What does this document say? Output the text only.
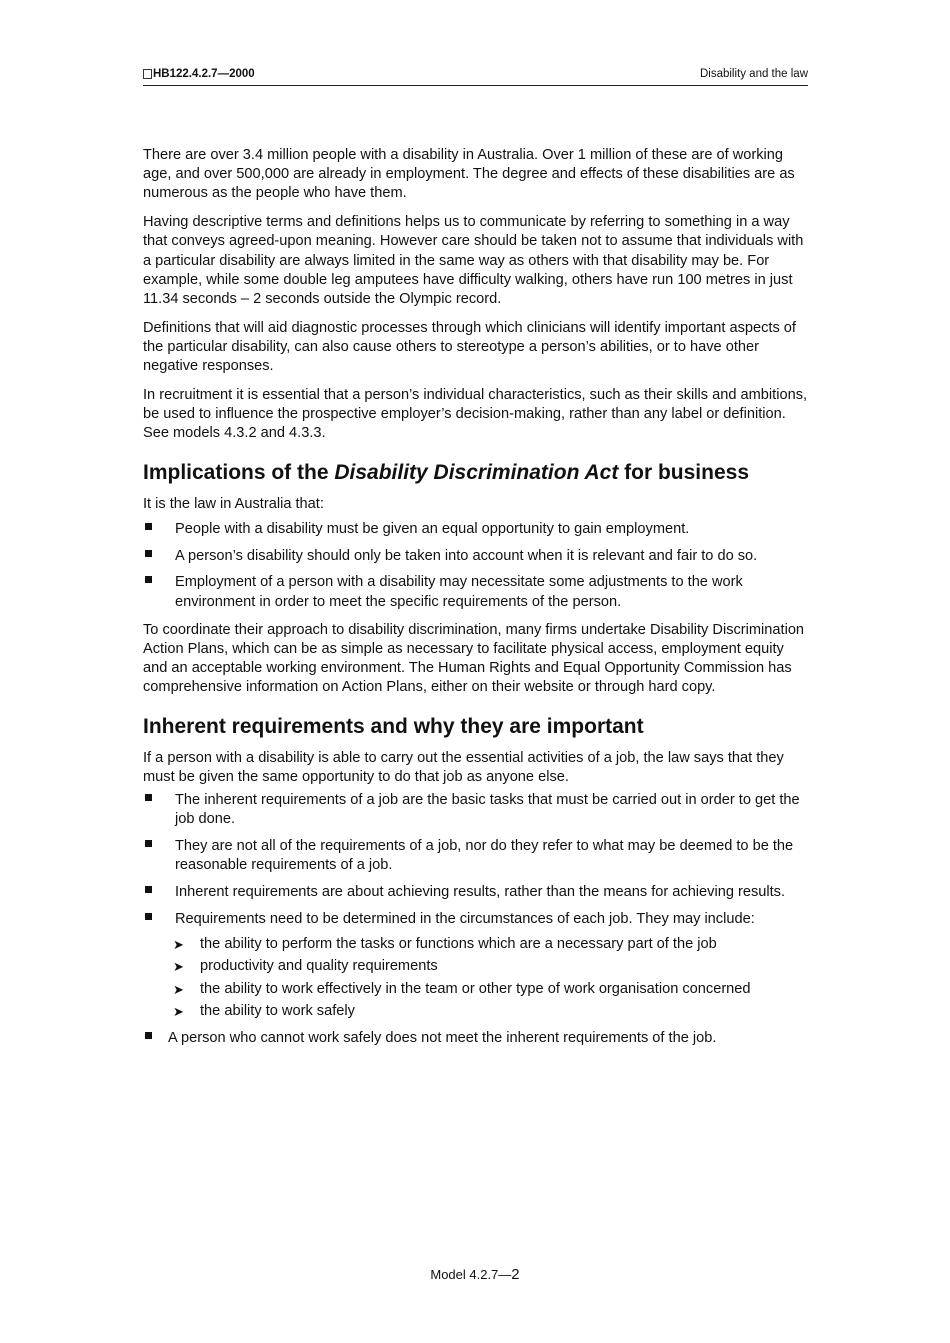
HB122.4.2.7—2000	Disability and the law

There are over 3.4 million people with a disability in Australia. Over 1 million of these are of working age, and over 500,000 are already in employment. The degree and effects of these disabilities are as numerous as the people who have them.

Having descriptive terms and definitions helps us to communicate by referring to something in a way that conveys agreed-upon meaning. However care should be taken not to assume that individuals with a particular disability are always limited in the same way as others with that disability may be. For example, while some double leg amputees have difficulty walking, others have run 100 metres in just 11.34 seconds – 2 seconds outside the Olympic record.

Definitions that will aid diagnostic processes through which clinicians will identify important aspects of the particular disability, can also cause others to stereotype a person’s abilities, or to have other negative responses.

In recruitment it is essential that a person’s individual characteristics, such as their skills and ambitions, be used to influence the prospective employer’s decision-making, rather than any label or definition. See models 4.3.2 and 4.3.3.

Implications of the Disability Discrimination Act for business

It is the law in Australia that:

People with a disability must be given an equal opportunity to gain employment.
A person’s disability should only be taken into account when it is relevant and fair to do so.
Employment of a person with a disability may necessitate some adjustments to the work environment in order to meet the specific requirements of the person.

To coordinate their approach to disability discrimination, many firms undertake Disability Discrimination Action Plans, which can be as simple as necessary to facilitate physical access, employment equity and an acceptable working environment. The Human Rights and Equal Opportunity Commission has comprehensive information on Action Plans, either on their website or through hard copy.

Inherent requirements and why they are important

If a person with a disability is able to carry out the essential activities of a job, the law says that they must be given the same opportunity to do that job as anyone else.

The inherent requirements of a job are the basic tasks that must be carried out in order to get the job done.
They are not all of the requirements of a job, nor do they refer to what may be deemed to be the reasonable requirements of a job.
Inherent requirements are about achieving results, rather than the means for achieving results.
Requirements need to be determined in the circumstances of each job. They may include:
➤ the ability to perform the tasks or functions which are a necessary part of the job
➤ productivity and quality requirements
➤ the ability to work effectively in the team or other type of work organisation concerned
➤ the ability to work safely
A person who cannot work safely does not meet the inherent requirements of the job.
Model 4.2.7—2
